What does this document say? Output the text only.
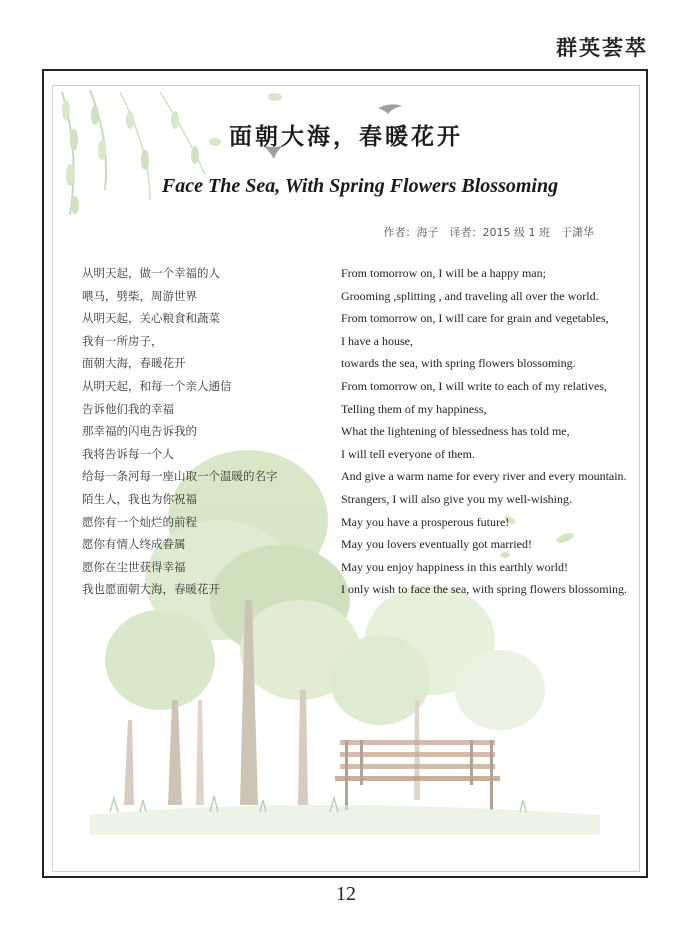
群英荟萃
面朝大海，春暖花开
Face The Sea, With Spring Flowers Blossoming
作者：海子　译者：2015 级 1 班　于潇华
从明天起，做一个幸福的人
喂马，劈柴，周游世界
从明天起，关心粮食和蔬菜
我有一所房子，
面朝大海，春暖花开
从明天起，和每一个亲人通信
告诉他们我的幸福
那幸福的闪电告诉我的
我将告诉每一个人
给每一条河每一座山取一个温暖的名字
陌生人，我也为你祝福
愿你有一个灿烂的前程
愿你有情人终成眷属
愿你在尘世获得幸福
我也愿面朝大海，春暖花开
From tomorrow on, I will be a happy man;
Grooming ,splitting , and traveling all over the world.
From tomorrow on, I will care for grain and vegetables,
I have a house,
towards the sea, with spring flowers blossoming.
From tomorrow on, I will write to each of my relatives,
Telling them of my happiness,
What the lightening of blessedness has told me,
I will tell everyone of them.
And give a warm name for every river and every mountain.
Strangers, I will also give you my well-wishing.
May you have a prosperous future!
May you lovers eventually got married!
May you enjoy happiness in this earthly world!
I only wish to face the sea, with spring flowers blossoming.
12
